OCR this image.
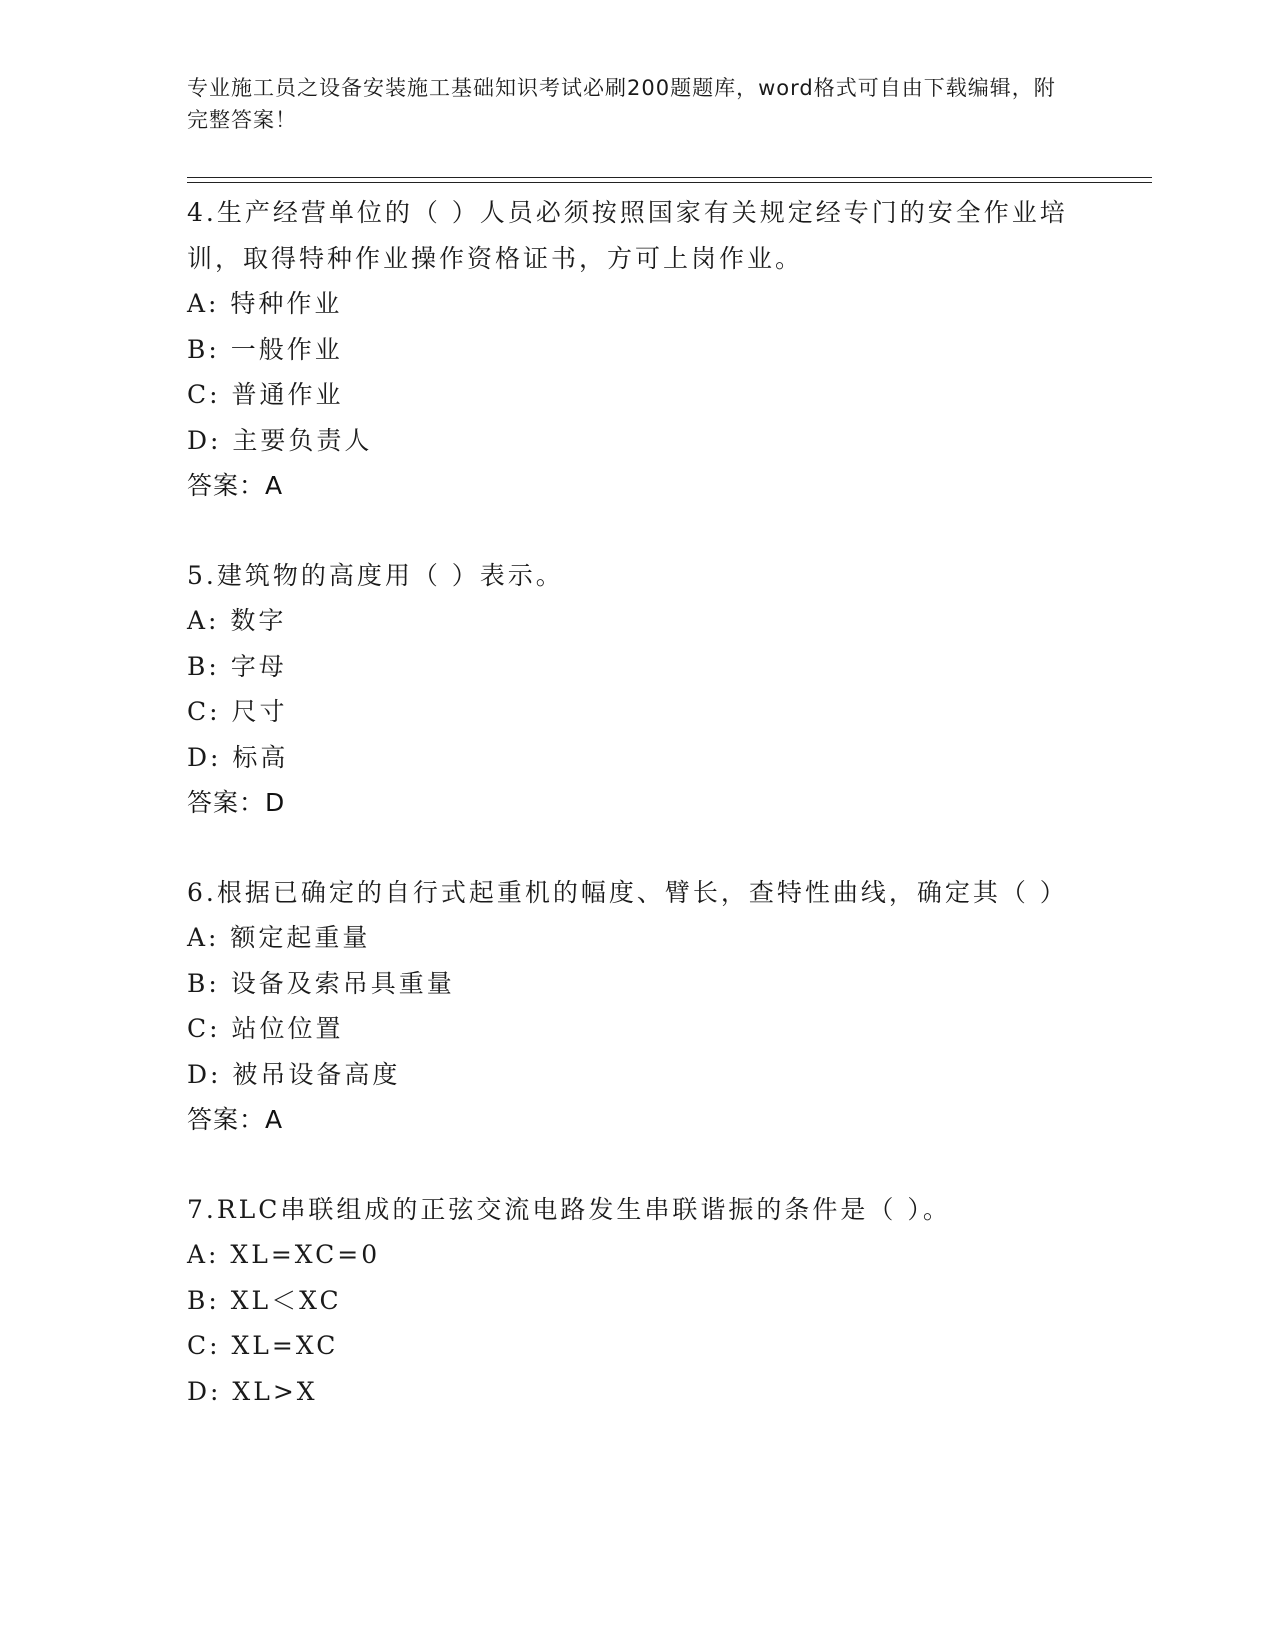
专业施工员之设备安装施工基础知识考试必刷200题题库，word格式可自由下载编辑，附完整答案！

4.生产经营单位的（ ）人员必须按照国家有关规定经专门的安全作业培训，取得特种作业操作资格证书，方可上岗作业。

A: 特种作业

B: 一般作业

C: 普通作业

D: 主要负责人

答案：A

5.建筑物的高度用（ ）表示。

A: 数字

B: 字母

C: 尺寸

D: 标高

答案：D

6.根据已确定的自行式起重机的幅度、臂长，查特性曲线，确定其（ ）

A: 额定起重量

B: 设备及索吊具重量

C: 站位位置

D: 被吊设备高度

答案：A

7.RLC串联组成的正弦交流电路发生串联谐振的条件是（ ）。

A: XL=XC=0

B: XL＜XC

C: XL=XC

D: XL>X
